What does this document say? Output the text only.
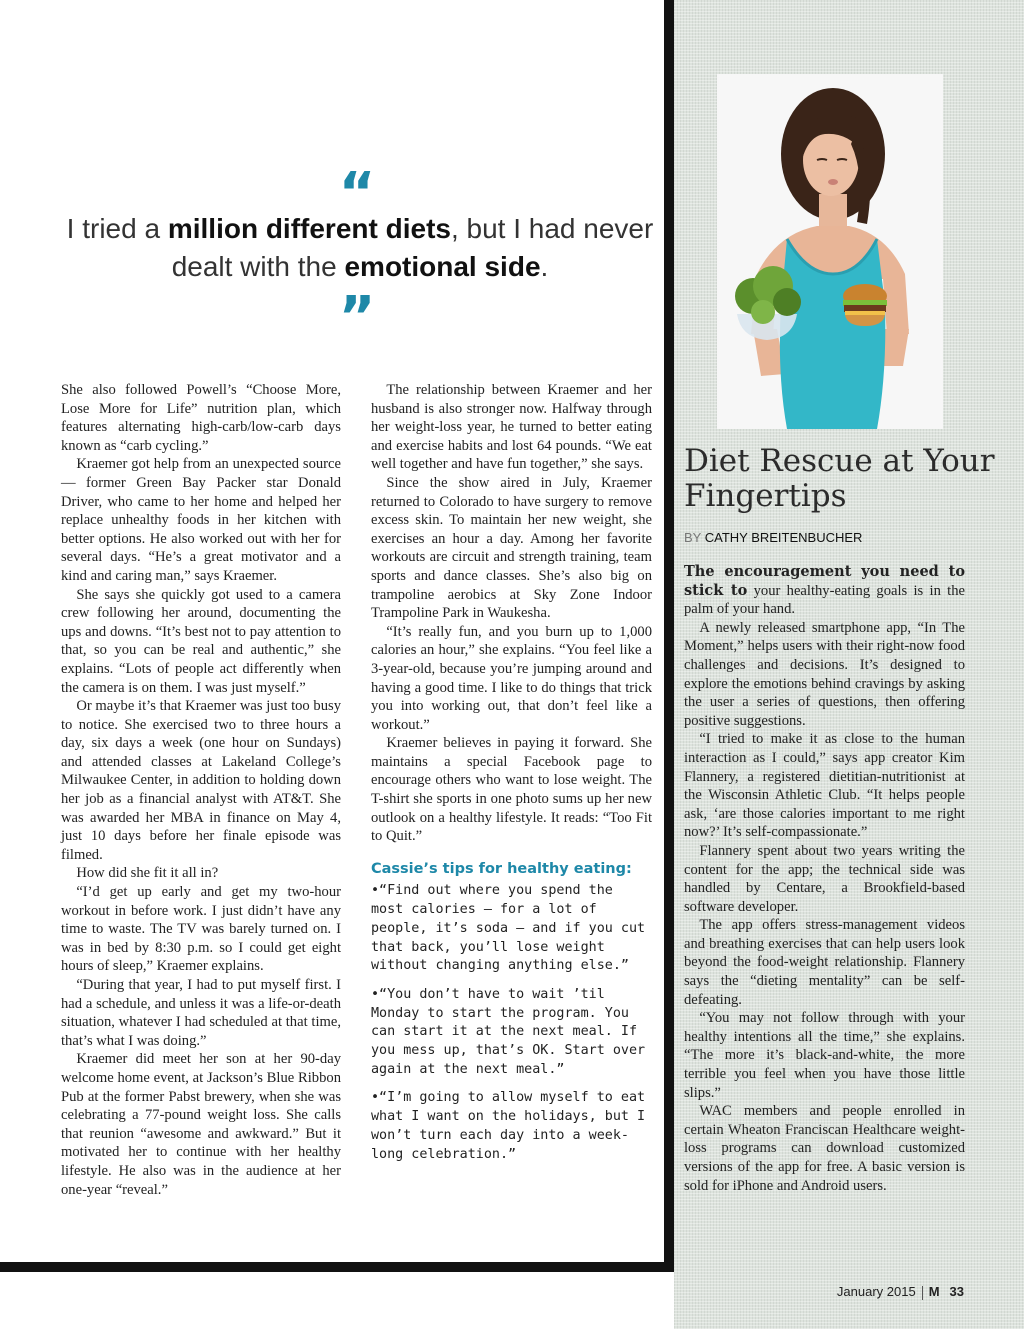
“
I tried a million different diets, but I had never dealt with the emotional side.
”

She also followed Powell’s “Choose More, Lose More for Life” nutrition plan, which features alternating high-carb/low-carb days known as “carb cycling.”

Kraemer got help from an unexpected source — former Green Bay Packer star Donald Driver, who came to her home and helped her replace unhealthy foods in her kitchen with better options. He also worked out with her for several days. “He’s a great motivator and a kind and caring man,” says Kraemer.

She says she quickly got used to a camera crew following her around, documenting the ups and downs. “It’s best not to pay attention to that, so you can be real and authentic,” she explains. “Lots of people act differently when the camera is on them. I was just myself.”

Or maybe it’s that Kraemer was just too busy to notice. She exercised two to three hours a day, six days a week (one hour on Sundays) and attended classes at Lakeland College’s Milwaukee Center, in addition to holding down her job as a financial analyst with AT&T. She was awarded her MBA in finance on May 4, just 10 days before her finale episode was filmed.

How did she fit it all in?

“I’d get up early and get my two-hour workout in before work. I just didn’t have any time to waste. The TV was barely turned on. I was in bed by 8:30 p.m. so I could get eight hours of sleep,” Kraemer explains.

“During that year, I had to put myself first. I had a schedule, and unless it was a life-or-death situation, whatever I had scheduled at that time, that’s what I was doing.”

Kraemer did meet her son at her 90-day welcome home event, at Jackson’s Blue Ribbon Pub at the former Pabst brewery, when she was celebrating a 77-pound weight loss. She calls that reunion “awesome and awkward.” But it motivated her to continue with her healthy lifestyle. He also was in the audience at her one-year “reveal.”

The relationship between Kraemer and her husband is also stronger now. Halfway through her weight-loss year, he turned to better eating and exercise habits and lost 64 pounds. “We eat well together and have fun together,” she says.

Since the show aired in July, Kraemer returned to Colorado to have surgery to remove excess skin. To maintain her new weight, she exercises an hour a day. Among her favorite workouts are circuit and strength training, team sports and dance classes. She’s also big on trampoline aerobics at Sky Zone Indoor Trampoline Park in Waukesha.

“It’s really fun, and you burn up to 1,000 calories an hour,” she explains. “You feel like a 3-year-old, because you’re jumping around and having a good time. I like to do things that trick you into working out, that don’t feel like a workout.”

Kraemer believes in paying it forward. She maintains a special Facebook page to encourage others who want to lose weight. The T-shirt she sports in one photo sums up her new outlook on a healthy lifestyle. It reads: “Too Fit to Quit.”

Cassie’s tips for healthy eating:
•“Find out where you spend the most calories — for a lot of people, it’s soda — and if you cut that back, you’ll lose weight without changing anything else.”
•“You don’t have to wait ’til Monday to start the program. You can start it at the next meal. If you mess up, that’s OK. Start over again at the next meal.”
•“I’m going to allow myself to eat what I want on the holidays, but I won’t turn each day into a week-long celebration.”
Diet Rescue at Your Fingertips
BY CATHY BREITENBUCHER

The encouragement you need to stick to your healthy-eating goals is in the palm of your hand.

A newly released smartphone app, “In The Moment,” helps users with their right-now food challenges and decisions. It’s designed to explore the emotions behind cravings by asking the user a series of questions, then offering positive suggestions.

“I tried to make it as close to the human interaction as I could,” says app creator Kim Flannery, a registered dietitian-nutritionist at the Wisconsin Athletic Club. “It helps people ask, ‘are those calories important to me right now?’ It’s self-compassionate.”

Flannery spent about two years writing the content for the app; the technical side was handled by Centare, a Brookfield-based software developer.

The app offers stress-management videos and breathing exercises that can help users look beyond the food-weight relationship. Flannery says the “dieting mentality” can be self-defeating.

“You may not follow through with your healthy intentions all the time,” she explains. “The more it’s black-and-white, the more terrible you feel when you have those little slips.”

WAC members and people enrolled in certain Wheaton Franciscan Healthcare weight-loss programs can download customized versions of the app for free. A basic version is sold for iPhone and Android users.

January 2015 M 33
